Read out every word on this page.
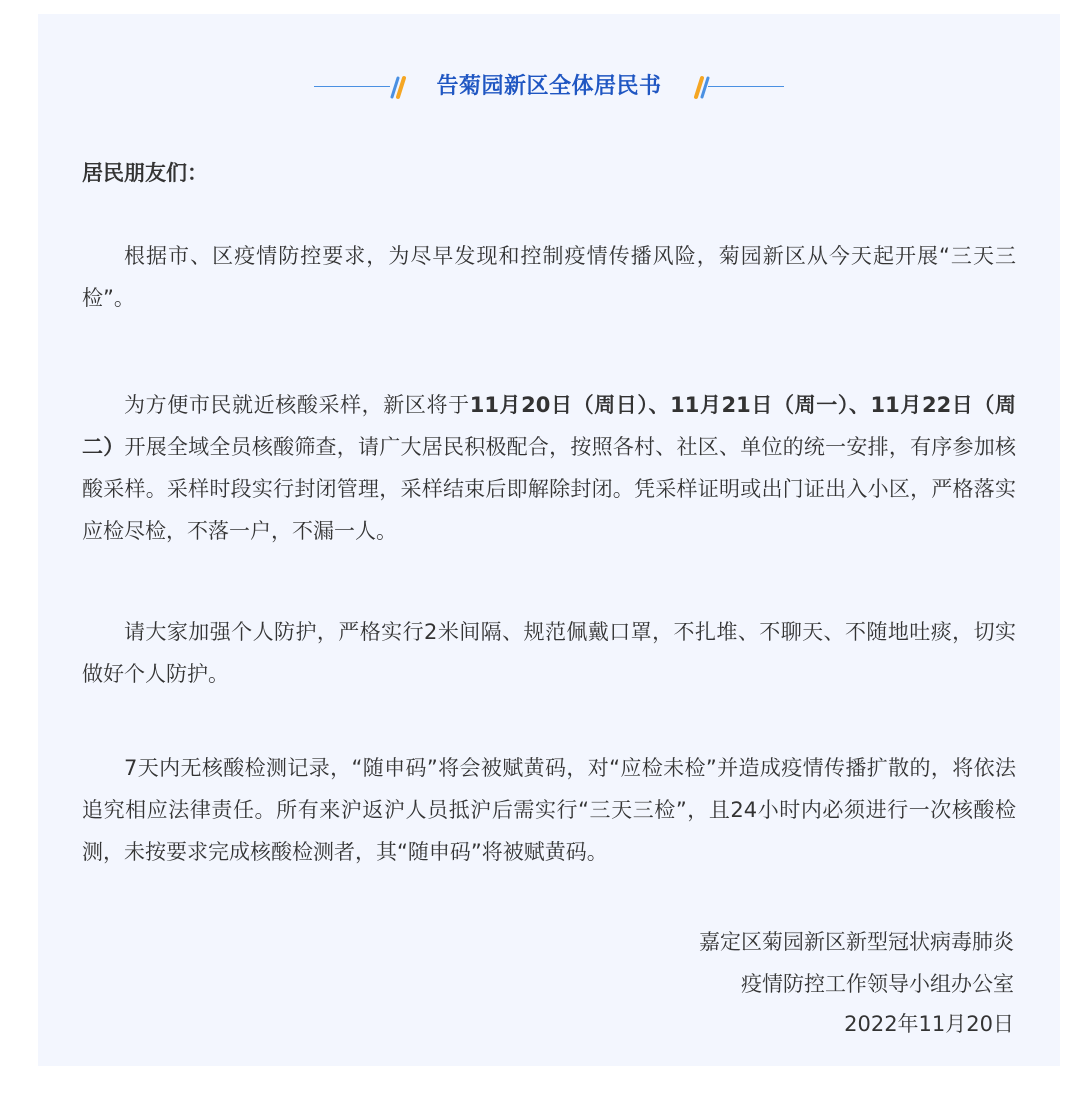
告菊园新区全体居民书
居民朋友们：

根据市、区疫情防控要求，为尽早发现和控制疫情传播风险，菊园新区从今天起开展“三天三检”。

为方便市民就近核酸采样，新区将于11月20日（周日）、11月21日（周一）、11月22日（周二）开展全域全员核酸筛查，请广大居民积极配合，按照各村、社区、单位的统一安排，有序参加核酸采样。采样时段实行封闭管理，采样结束后即解除封闭。凭采样证明或出门证出入小区，严格落实应检尽检，不落一户，不漏一人。

请大家加强个人防护，严格实行2米间隔、规范佩戴口罩，不扎堆、不聊天、不随地吐痰，切实做好个人防护。

7天内无核酸检测记录，“随申码”将会被赋黄码，对“应检未检”并造成疫情传播扩散的，将依法追究相应法律责任。所有来沪返沪人员抵沪后需实行“三天三检”，且24小时内必须进行一次核酸检测，未按要求完成核酸检测者，其“随申码”将被赋黄码。

嘉定区菊园新区新型冠状病毒肺炎
疫情防控工作领导小组办公室
2022年11月20日
